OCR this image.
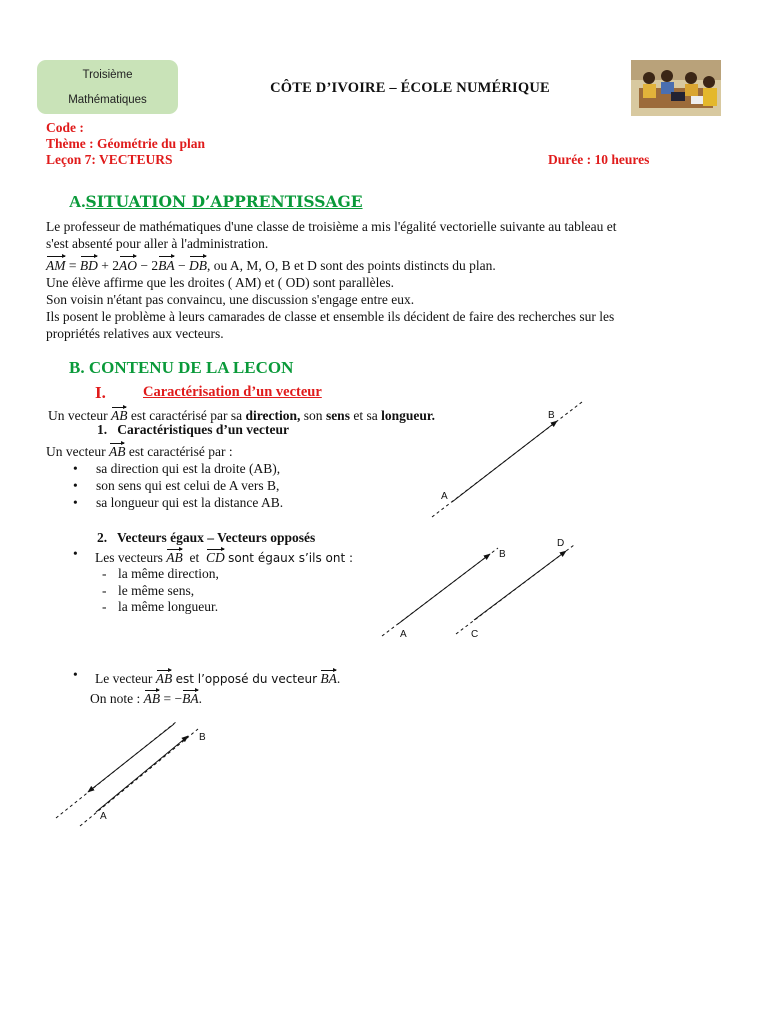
Troisième
Mathématiques
CÔTE D’IVOIRE – ÉCOLE NUMÉRIQUE
Code :
Thème : Géométrie du plan
Leçon 7: VECTEURS	Durée : 10 heures
A.SITUATION D’APPRENTISSAGE

Le professeur de mathématiques d'une classe de troisième a mis l'égalité vectorielle suivante au tableau et

s'est absenté pour aller à l'administration.

AM = BD + 2AO − 2BA − DB, ou A, M, O, B et D sont des points distincts du plan.

Une élève affirme que les droites ( AM) et ( OD) sont parallèles.

Son voisin n'étant pas convaincu, une discussion s'engage entre eux.

Ils posent le problème à leurs camarades de classe et ensemble ils décident de faire des recherches sur les

propriétés relatives aux vecteurs.

B. CONTENU DE LA LECON
I.	Caractérisation d’un vecteur
Un vecteur AB est caractérisé par sa direction, son sens et sa longueur.
1. Caractéristiques d’un vecteur
Un vecteur AB est caractérisé par :
• sa direction qui est la droite (AB),
• son sens qui est celui de A vers B,
• sa longueur qui est la distance AB.
2. Vecteurs égaux – Vecteurs opposés
• Les vecteurs AB et CD sont égaux s’ils ont :
- la même direction,
- le même sens,
- la même longueur.
• Le vecteur AB est l’opposé du vecteur BA.
On note : AB = −BA.
A
B
A
B
C
D
A
B
